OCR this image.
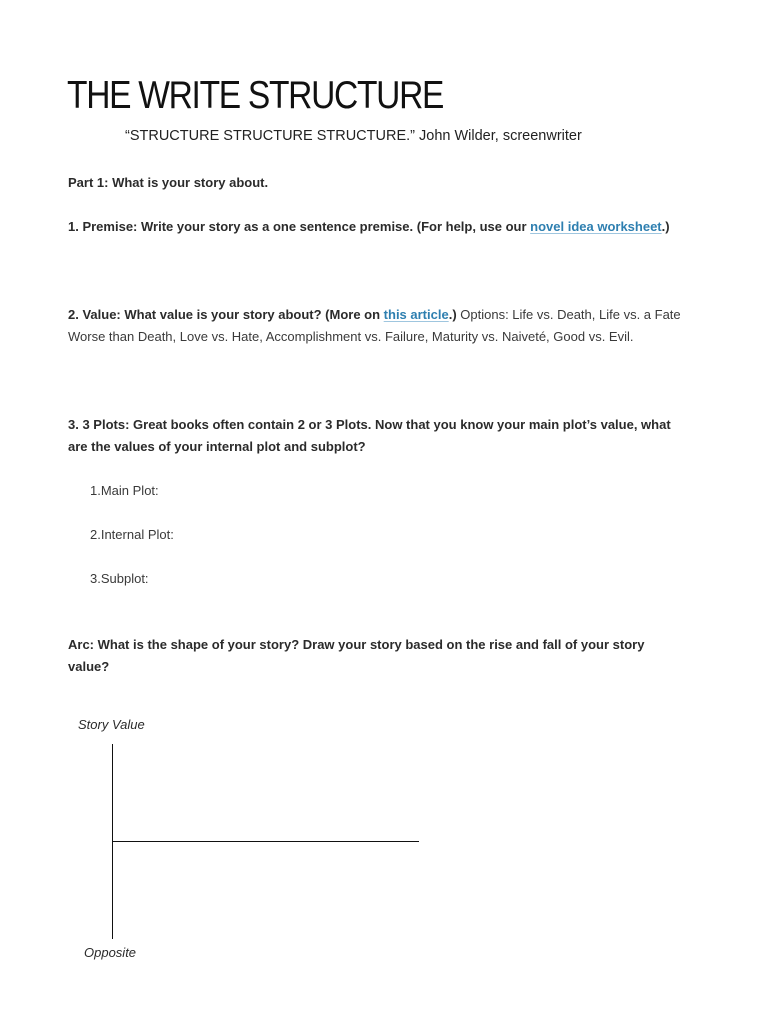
THE WRITE STRUCTURE
“STRUCTURE STRUCTURE STRUCTURE.” John Wilder, screenwriter
Part 1: What is your story about.
1. Premise: Write your story as a one sentence premise. (For help, use our novel idea worksheet.)
2. Value: What value is your story about? (More on this article.) Options: Life vs. Death, Life vs. a Fate Worse than Death, Love vs. Hate, Accomplishment vs. Failure, Maturity vs. Naiveté, Good vs. Evil.
3. 3 Plots: Great books often contain 2 or 3 Plots. Now that you know your main plot’s value, what are the values of your internal plot and subplot?
1.Main Plot:
2.Internal Plot:
3.Subplot:
Arc: What is the shape of your story? Draw your story based on the rise and fall of your story value?
Story Value
Opposite
